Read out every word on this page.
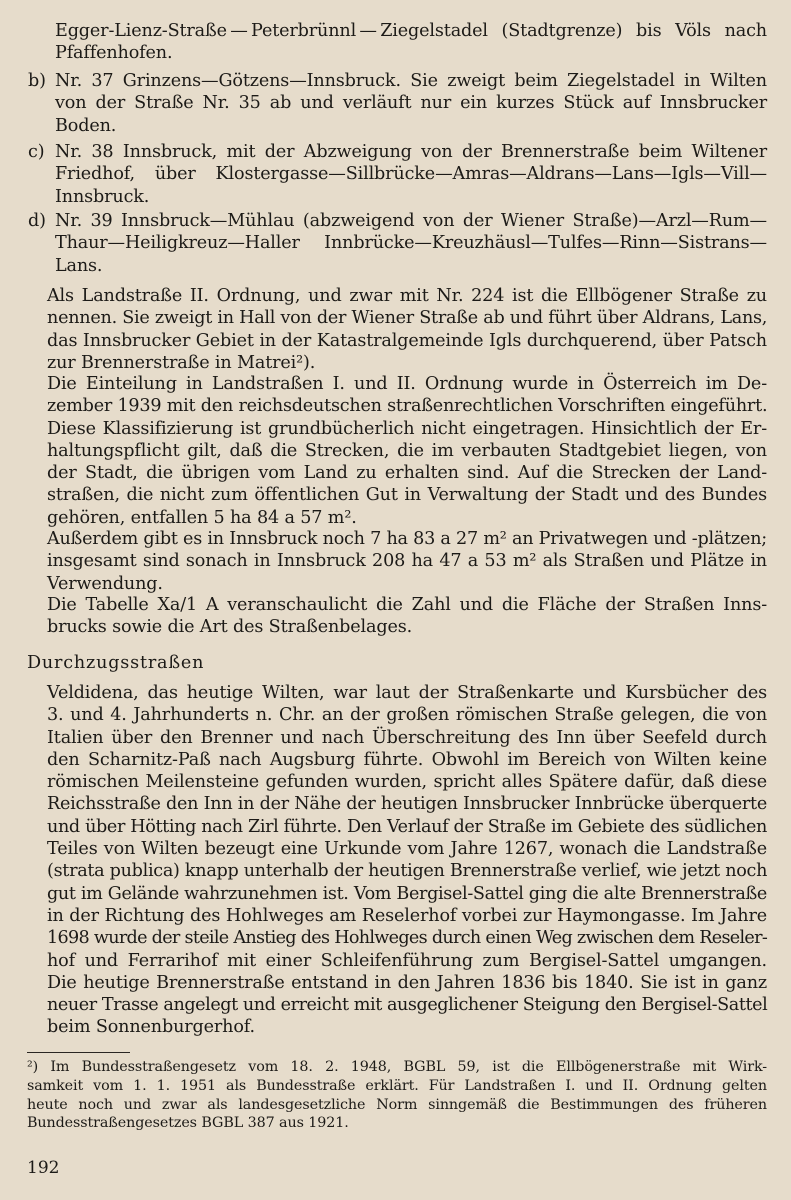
Egger-Lienz-Straße — Peterbrünnl — Ziegelstadel (Stadtgrenze) bis Völs nach
Pfaffenhofen.
b) Nr. 37 Grinzens—Götzens—Innsbruck. Sie zweigt beim Ziegelstadel in Wilten
von der Straße Nr. 35 ab und verläuft nur ein kurzes Stück auf Innsbrucker
Boden.
c) Nr. 38 Innsbruck, mit der Abzweigung von der Brennerstraße beim Wiltener
Friedhof, über Klostergasse—Sillbrücke—Amras—Aldrans—Lans—Igls—Vill—
Innsbruck.
d) Nr. 39 Innsbruck—Mühlau (abzweigend von der Wiener Straße)—Arzl—Rum—
Thaur—Heiligkreuz—Haller Innbrücke—Kreuzhäusl—Tulfes—Rinn—Sistrans—
Lans.
Als Landstraße II. Ordnung, und zwar mit Nr. 224 ist die Ellbögener Straße zu
nennen. Sie zweigt in Hall von der Wiener Straße ab und führt über Aldrans, Lans,
das Innsbrucker Gebiet in der Katastralgemeinde Igls durchquerend, über Patsch
zur Brennerstraße in Matrei²).
Die Einteilung in Landstraßen I. und II. Ordnung wurde in Österreich im De-
zember 1939 mit den reichsdeutschen straßenrechtlichen Vorschriften eingeführt.
Diese Klassifizierung ist grundbücherlich nicht eingetragen. Hinsichtlich der Er-
haltungspflicht gilt, daß die Strecken, die im verbauten Stadtgebiet liegen, von
der Stadt, die übrigen vom Land zu erhalten sind. Auf die Strecken der Land-
straßen, die nicht zum öffentlichen Gut in Verwaltung der Stadt und des Bundes
gehören, entfallen 5 ha 84 a 57 m².
Außerdem gibt es in Innsbruck noch 7 ha 83 a 27 m² an Privatwegen und -plätzen;
insgesamt sind sonach in Innsbruck 208 ha 47 a 53 m² als Straßen und Plätze in
Verwendung.
Die Tabelle Xa/1 A veranschaulicht die Zahl und die Fläche der Straßen Inns-
brucks sowie die Art des Straßenbelages.
Durchzugsstraßen
Veldidena, das heutige Wilten, war laut der Straßenkarte und Kursbücher des
3. und 4. Jahrhunderts n. Chr. an der großen römischen Straße gelegen, die von
Italien über den Brenner und nach Überschreitung des Inn über Seefeld durch
den Scharnitz-Paß nach Augsburg führte. Obwohl im Bereich von Wilten keine
römischen Meilensteine gefunden wurden, spricht alles Spätere dafür, daß diese
Reichsstraße den Inn in der Nähe der heutigen Innsbrucker Innbrücke überquerte
und über Hötting nach Zirl führte. Den Verlauf der Straße im Gebiete des südlichen
Teiles von Wilten bezeugt eine Urkunde vom Jahre 1267, wonach die Landstraße
(strata publica) knapp unterhalb der heutigen Brennerstraße verlief, wie jetzt noch
gut im Gelände wahrzunehmen ist. Vom Bergisel-Sattel ging die alte Brennerstraße
in der Richtung des Hohlweges am Reselerhof vorbei zur Haymongasse. Im Jahre
1698 wurde der steile Anstieg des Hohlweges durch einen Weg zwischen dem Reseler-
hof und Ferrarihof mit einer Schleifenführung zum Bergisel-Sattel umgangen.
Die heutige Brennerstraße entstand in den Jahren 1836 bis 1840. Sie ist in ganz
neuer Trasse angelegt und erreicht mit ausgeglichener Steigung den Bergisel-Sattel
beim Sonnenburgerhof.
²) Im Bundesstraßengesetz vom 18. 2. 1948, BGBL 59, ist die Ellbögenerstraße mit Wirk-
samkeit vom 1. 1. 1951 als Bundesstraße erklärt. Für Landstraßen I. und II. Ordnung gelten
heute noch und zwar als landesgesetzliche Norm sinngemäß die Bestimmungen des früheren
Bundesstraßengesetzes BGBL 387 aus 1921.
192
